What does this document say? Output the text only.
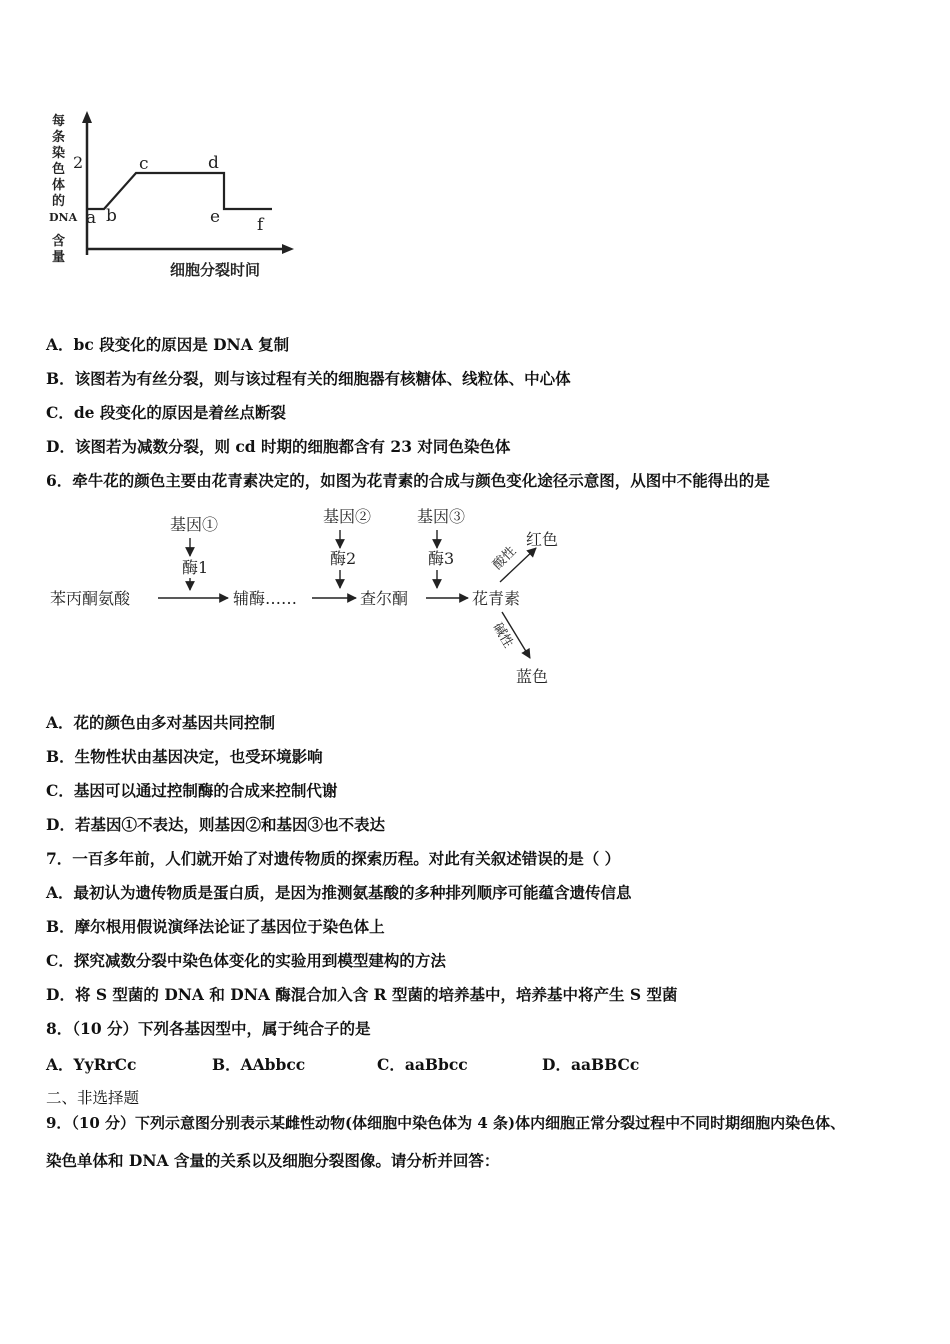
每
条
染
色
体
的
DNA
含
量
2
a b
c	d
e f
细胞分裂时间
A．bc 段变化的原因是 DNA 复制
B．该图若为有丝分裂，则与该过程有关的细胞器有核糖体、线粒体、中心体
C．de 段变化的原因是着丝点断裂
D．该图若为减数分裂，则 cd 时期的细胞都含有 23 对同色染色体
6．牵牛花的颜色主要由花青素决定的，如图为花青素的合成与颜色变化途径示意图，从图中不能得出的是
基因①	基因②	基因③
酶1	酶2	酶3
苯丙酮氨酸	辅酶……	查尔酮	花青素
红色
蓝色
酸性
碱性
A．花的颜色由多对基因共同控制
B．生物性状由基因决定，也受环境影响
C．基因可以通过控制酶的合成来控制代谢
D．若基因①不表达，则基因②和基因③也不表达
7．一百多年前，人们就开始了对遗传物质的探索历程。对此有关叙述错误的是（ ）
A．最初认为遗传物质是蛋白质，是因为推测氨基酸的多种排列顺序可能蕴含遗传信息
B．摩尔根用假说演绎法论证了基因位于染色体上
C．探究减数分裂中染色体变化的实验用到模型建构的方法
D．将 S 型菌的 DNA 和 DNA 酶混合加入含 R 型菌的培养基中，培养基中将产生 S 型菌
8．（10 分）下列各基因型中，属于纯合子的是
A．YyRrCc	B．AAbbcc	C．aaBbcc	D．aaBBCc
二、非选择题
9．（10 分）下列示意图分别表示某雌性动物(体细胞中染色体为 4 条)体内细胞正常分裂过程中不同时期细胞内染色体、
染色单体和 DNA 含量的关系以及细胞分裂图像。请分析并回答：
